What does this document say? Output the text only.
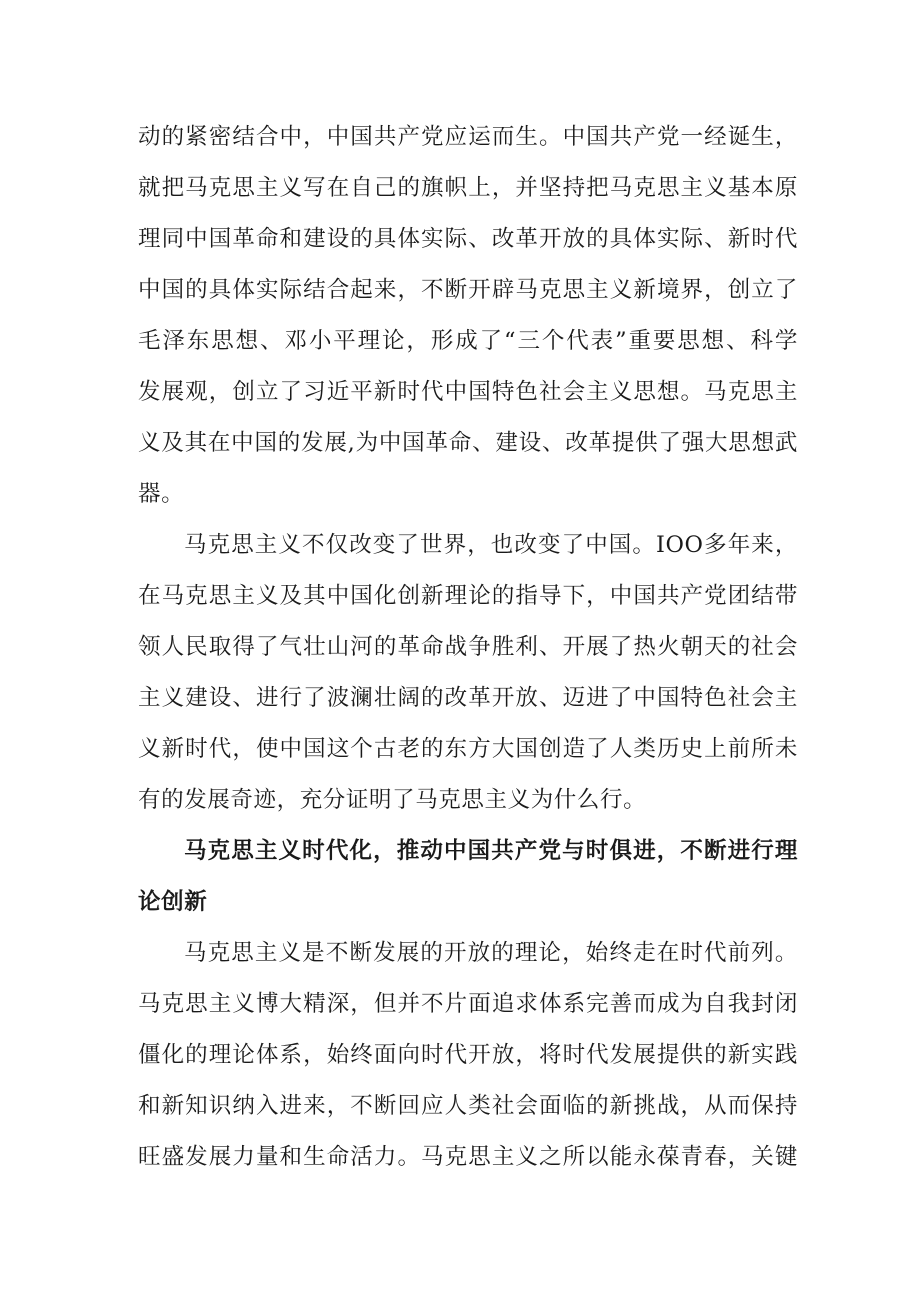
动的紧密结合中，中国共产党应运而生。中国共产党一经诞生，
就把马克思主义写在自己的旗帜上，并坚持把马克思主义基本原
理同中国革命和建设的具体实际、改革开放的具体实际、新时代
中国的具体实际结合起来，不断开辟马克思主义新境界，创立了
毛泽东思想、邓小平理论，形成了“三个代表”重要思想、科学
发展观，创立了习近平新时代中国特色社会主义思想。马克思主
义及其在中国的发展,为中国革命、建设、改革提供了强大思想武
器。
马克思主义不仅改变了世界，也改变了中国。IOO多年来，
在马克思主义及其中国化创新理论的指导下，中国共产党团结带
领人民取得了气壮山河的革命战争胜利、开展了热火朝天的社会
主义建设、进行了波澜壮阔的改革开放、迈进了中国特色社会主
义新时代，使中国这个古老的东方大国创造了人类历史上前所未
有的发展奇迹，充分证明了马克思主义为什么行。
马克思主义时代化，推动中国共产党与时俱进，不断进行理
论创新
马克思主义是不断发展的开放的理论，始终走在时代前列。
马克思主义博大精深，但并不片面追求体系完善而成为自我封闭
僵化的理论体系，始终面向时代开放，将时代发展提供的新实践
和新知识纳入进来，不断回应人类社会面临的新挑战，从而保持
旺盛发展力量和生命活力。马克思主义之所以能永葆青春，关键
